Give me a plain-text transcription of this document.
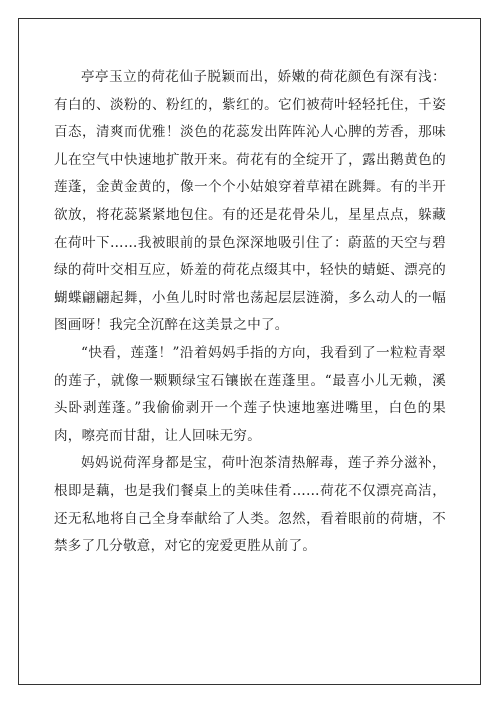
亭亭玉立的荷花仙子脱颖而出，娇嫩的荷花颜色有深有浅：有白的、淡粉的、粉红的，紫红的。它们被荷叶轻轻托住，千姿百态，清爽而优雅！淡色的花蕊发出阵阵沁人心脾的芳香，那味儿在空气中快速地扩散开来。荷花有的全绽开了，露出鹅黄色的莲蓬，金黄金黄的，像一个个小姑娘穿着草裙在跳舞。有的半开欲放，将花蕊紧紧地包住。有的还是花骨朵儿，星星点点，躲藏在荷叶下……我被眼前的景色深深地吸引住了：蔚蓝的天空与碧绿的荷叶交相互应，娇羞的荷花点缀其中，轻快的蜻蜓、漂亮的蝴蝶翩翩起舞，小鱼儿时时常也荡起层层涟漪，多么动人的一幅图画呀！我完全沉醉在这美景之中了。

“快看，莲蓬！”沿着妈妈手指的方向，我看到了一粒粒青翠的莲子，就像一颗颗绿宝石镶嵌在莲蓬里。“最喜小儿无赖，溪头卧剥莲蓬。”我偷偷剥开一个莲子快速地塞进嘴里，白色的果肉，嚓亮而甘甜，让人回味无穷。

妈妈说荷浑身都是宝，荷叶泡茶清热解毒，莲子养分滋补，根即是藕，也是我们餐桌上的美味佳肴……荷花不仅漂亮高洁，还无私地将自己全身奉献给了人类。忽然，看着眼前的荷塘，不禁多了几分敬意，对它的宠爱更胜从前了。
